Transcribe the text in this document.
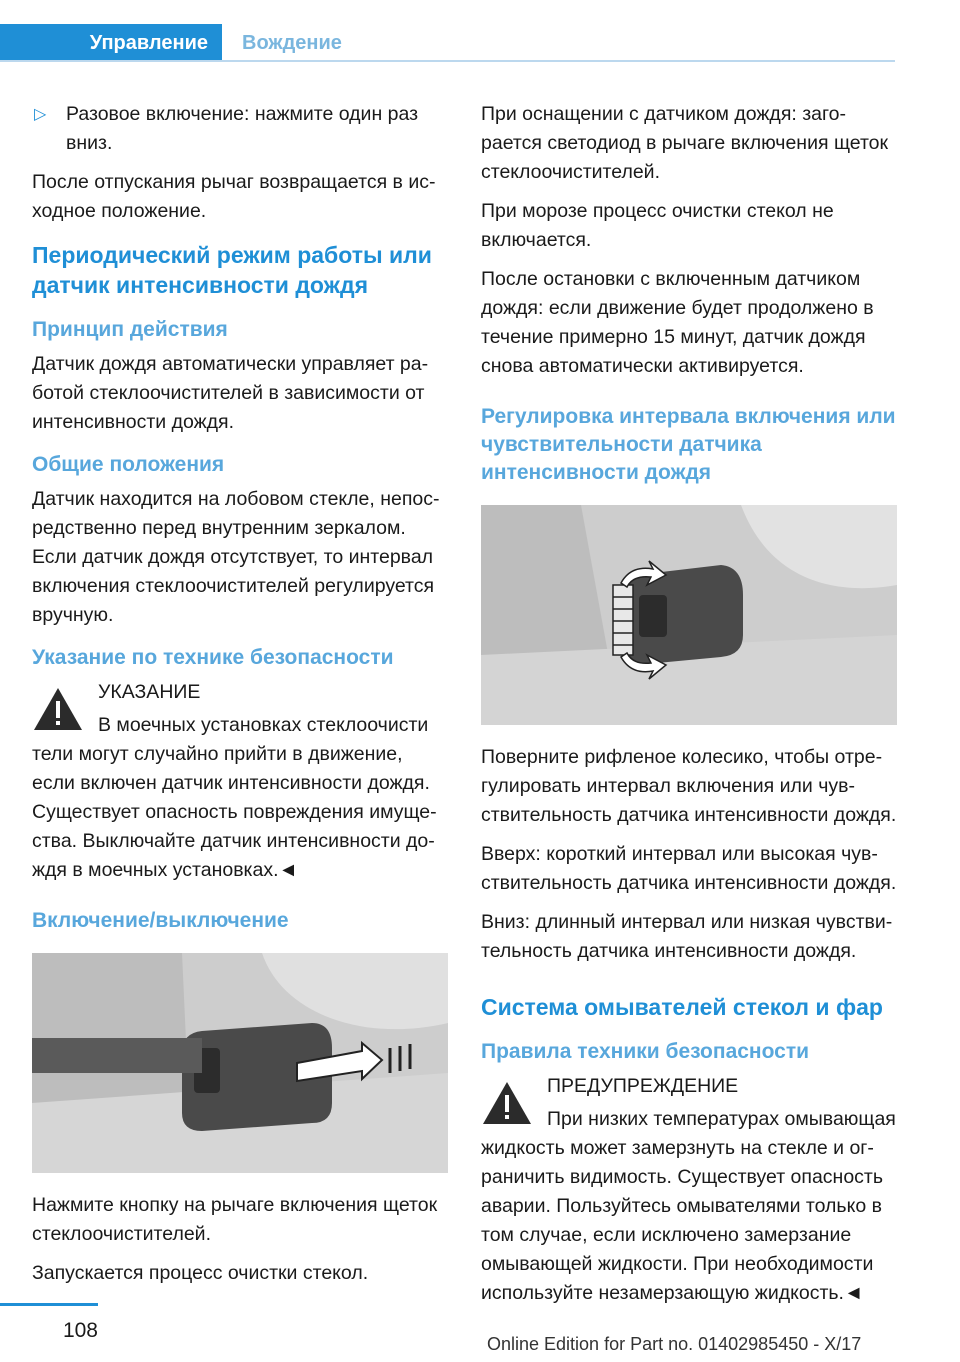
Управление	Вождение

▷ Разовое включение: нажмите один раз вниз.

После отпускания рычаг возвращается в исходное положение.

Периодический режим работы или датчик интенсивности дождя
Принцип действия

Датчик дождя автоматически управляет работой стеклоочистителей в зависимости от интенсивности дождя.

Общие положения

Датчик находится на лобовом стекле, непосредственно перед внутренним зеркалом. Если датчик дождя отсутствует, то интервал включения стеклоочистителей регулируется вручную.

Указание по технике безопасности

УКАЗАНИЕ

В моечных установках стеклоочисти

тели могут случайно прийти в движение, если включен датчик интенсивности дождя. Существует опасность повреждения имущества. Выключайте датчик интенсивности дождя в моечных установках.◄

Включение/выключение

Нажмите кнопку на рычаге включения щеток стеклоочистителей.

Запускается процесс очистки стекол.

При оснащении с датчиком дождя: загорается светодиод в рычаге включения щеток стеклоочистителей.

При морозе процесс очистки стекол не включается.

После остановки с включенным датчиком дождя: если движение будет продолжено в течение примерно 15 минут, датчик дождя снова автоматически активируется.

Регулировка интервала включения или чувствительности датчика интенсивности дождя

Поверните рифленое колесико, чтобы отрегулировать интервал включения или чувствительность датчика интенсивности дождя.

Вверх: короткий интервал или высокая чувствительность датчика интенсивности дождя.

Вниз: длинный интервал или низкая чувствительность датчика интенсивности дождя.

Система омывателей стекол и фар
Правила техники безопасности

ПРЕДУПРЕЖДЕНИЕ

При низких температурах омывающая

жидкость может замерзнуть на стекле и ограничить видимость. Существует опасность аварии. Пользуйтесь омывателями только в том случае, если исключено замерзание омывающей жидкости. При необходимости используйте незамерзающую жидкость.◄

108
Online Edition for Part no. 01402985450 - X/17
